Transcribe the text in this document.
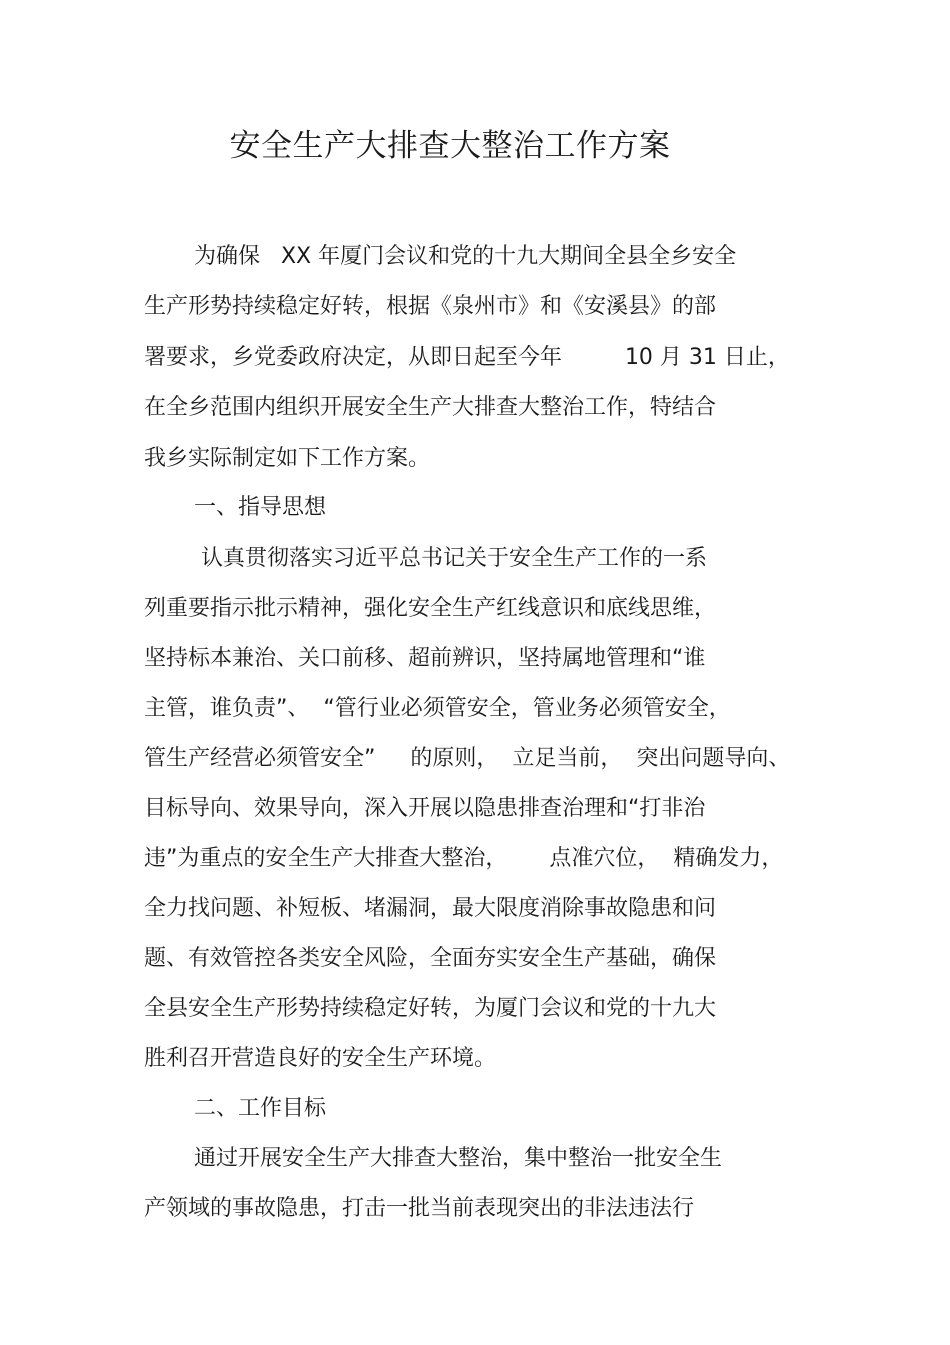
安全生产大排查大整治工作方案
为确保   XX 年厦门会议和党的十九大期间全县全乡安全
生产形势持续稳定好转，根据《泉州市》和《安溪县》的部
署要求，乡党委政府决定，从即日起至今年         10 月 31 日止，
在全乡范围内组织开展安全生产大排查大整治工作，特结合
我乡实际制定如下工作方案。
一、指导思想
认真贯彻落实习近平总书记关于安全生产工作的一系
列重要指示批示精神，强化安全生产红线意识和底线思维，
坚持标本兼治、关口前移、超前辨识，坚持属地管理和“谁
主管，谁负责”、  “管行业必须管安全，管业务必须管安全，
管生产经营必须管安全”     的原则，  立足当前，  突出问题导向、
目标导向、效果导向，深入开展以隐患排查治理和“打非治
违”为重点的安全生产大排查大整治，      点准穴位，  精确发力，
全力找问题、补短板、堵漏洞，最大限度消除事故隐患和问
题、有效管控各类安全风险，全面夯实安全生产基础，确保
全县安全生产形势持续稳定好转，为厦门会议和党的十九大
胜利召开营造良好的安全生产环境。
二、工作目标
通过开展安全生产大排查大整治，集中整治一批安全生
产领域的事故隐患，打击一批当前表现突出的非法违法行
